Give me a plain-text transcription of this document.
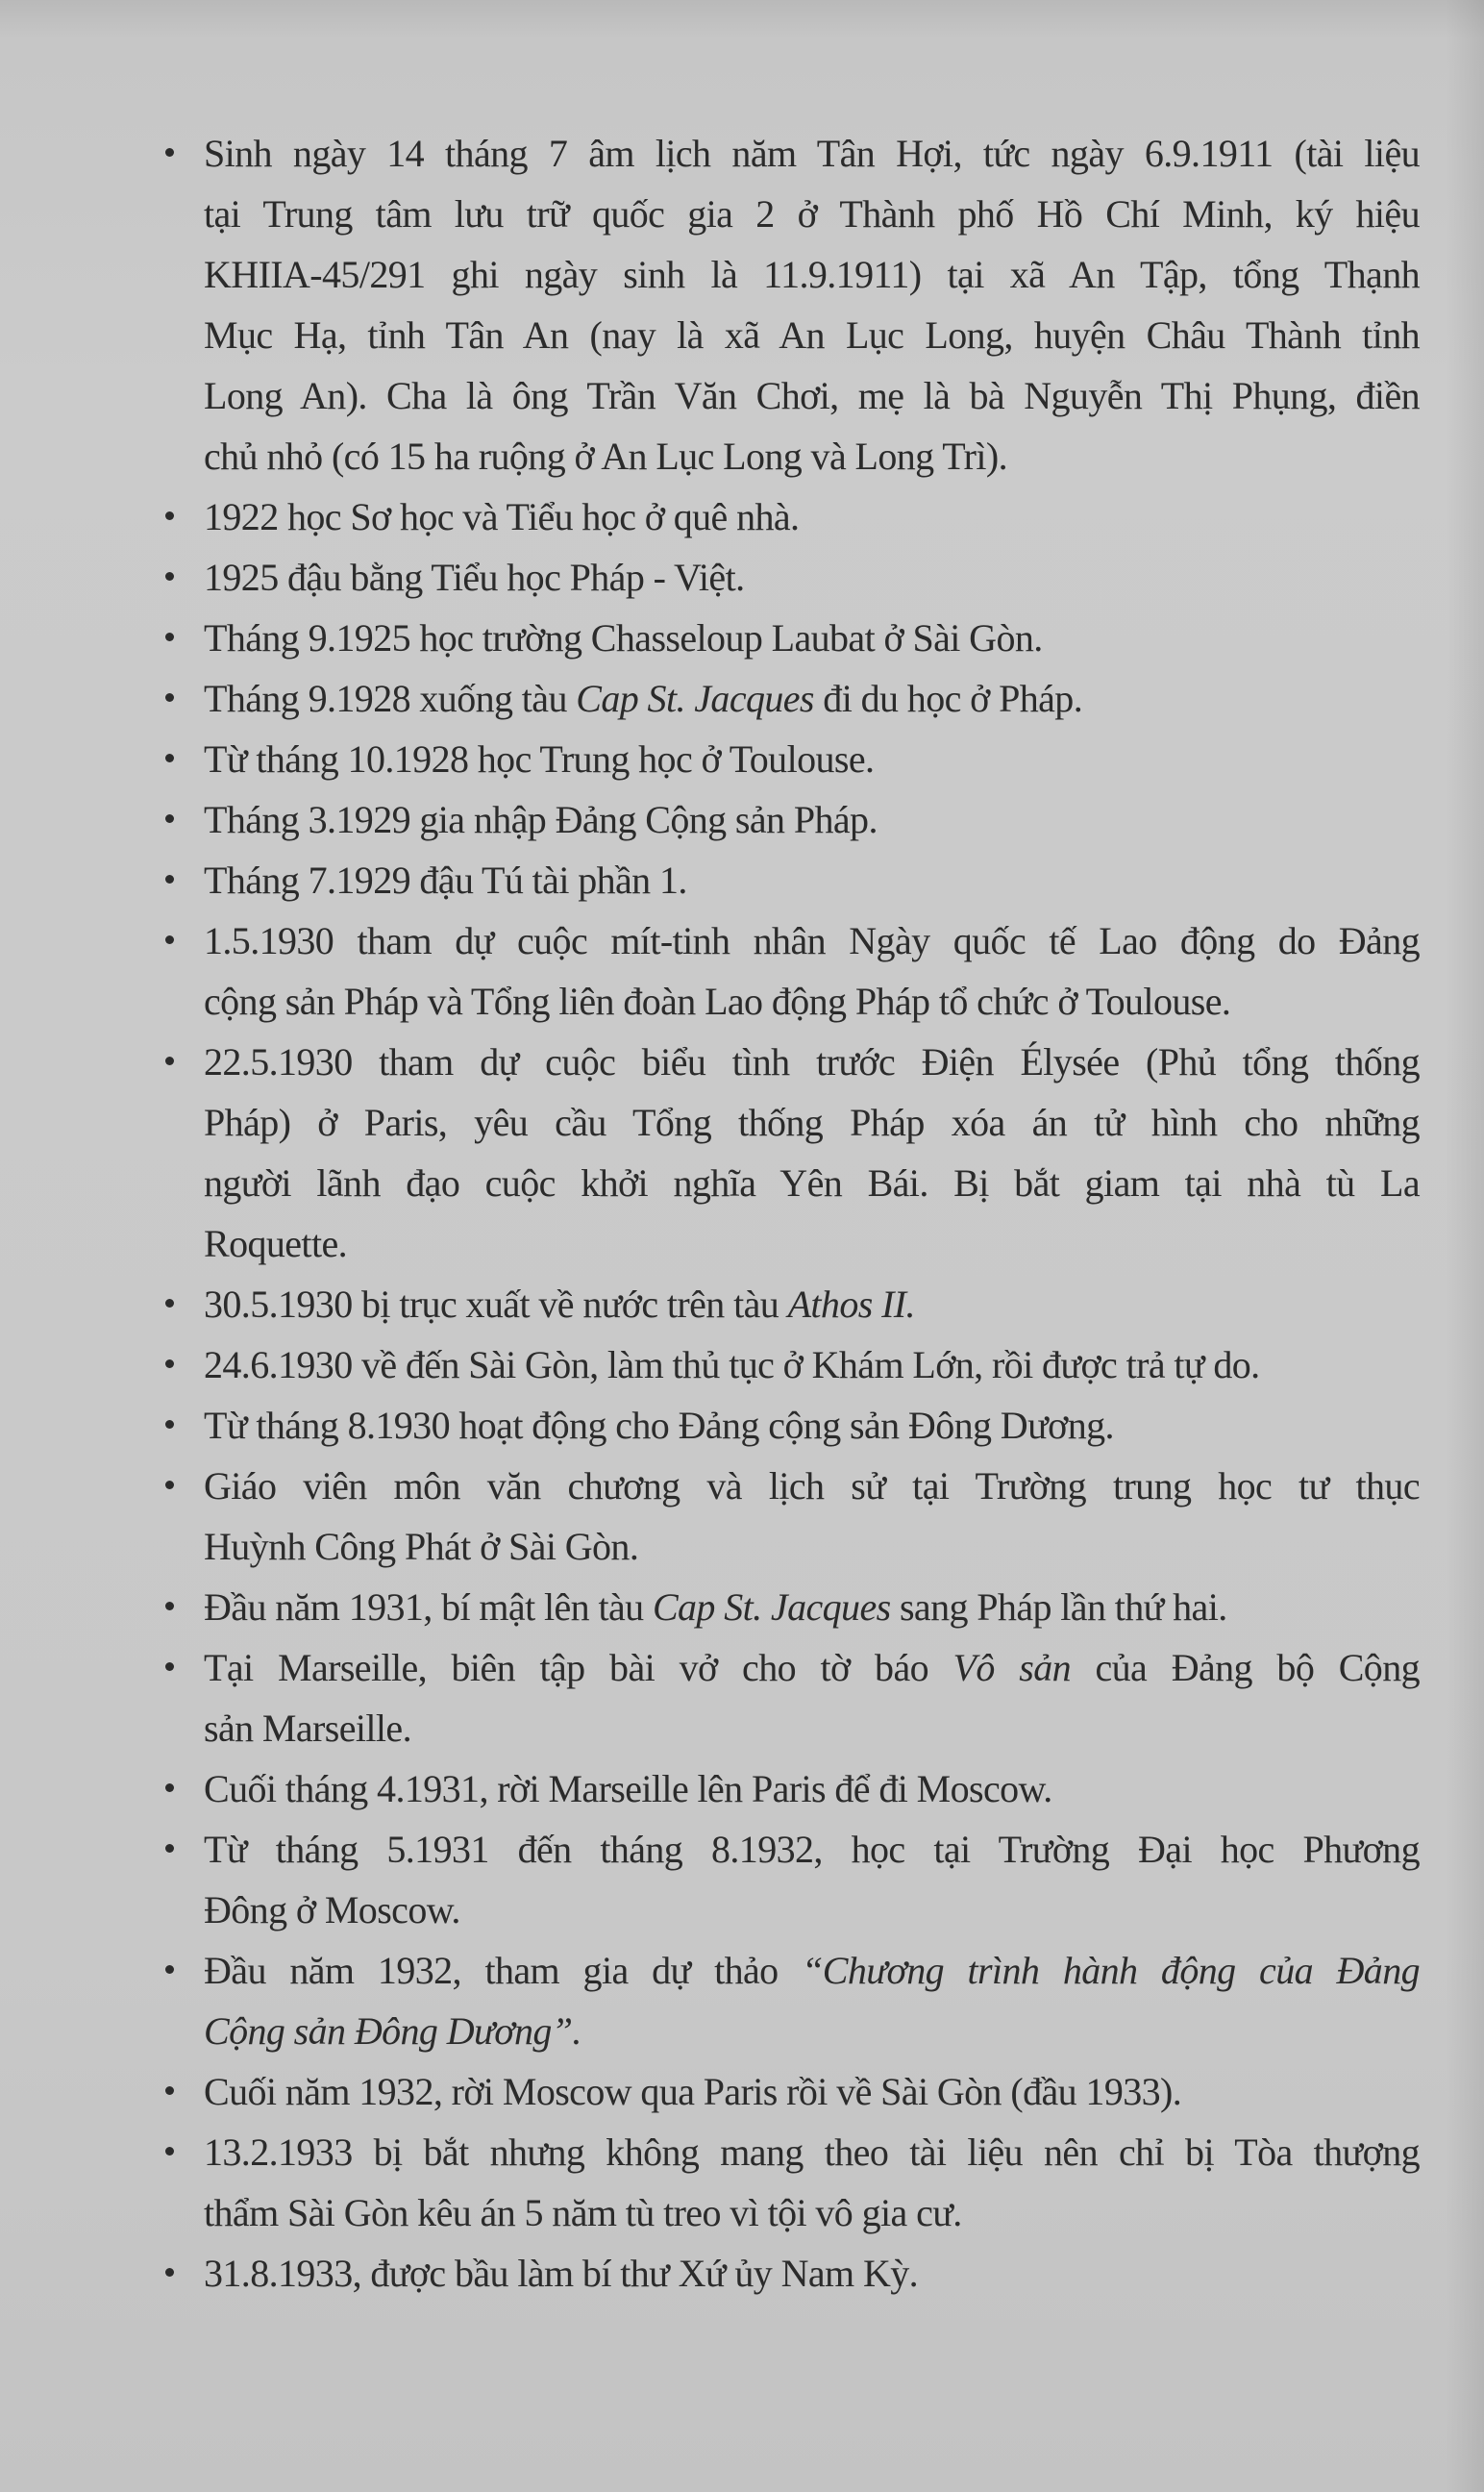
Sinh ngày 14 tháng 7 âm lịch năm Tân Hợi, tức ngày 6.9.1911 (tài liệu
tại Trung tâm lưu trữ quốc gia 2 ở Thành phố Hồ Chí Minh, ký hiệu
KHIIA-45/291 ghi ngày sinh là 11.9.1911) tại xã An Tập, tổng Thạnh
Mục Hạ, tỉnh Tân An (nay là xã An Lục Long, huyện Châu Thành tỉnh
Long An). Cha là ông Trần Văn Chơi, mẹ là bà Nguyễn Thị Phụng, điền
chủ nhỏ (có 15 ha ruộng ở An Lục Long và Long Trì).
1922 học Sơ học và Tiểu học ở quê nhà.
1925 đậu bằng Tiểu học Pháp - Việt.
Tháng 9.1925 học trường Chasseloup Laubat ở Sài Gòn.
Tháng 9.1928 xuống tàu Cap St. Jacques đi du học ở Pháp.
Từ tháng 10.1928 học Trung học ở Toulouse.
Tháng 3.1929 gia nhập Đảng Cộng sản Pháp.
Tháng 7.1929 đậu Tú tài phần 1.
1.5.1930 tham dự cuộc mít-tinh nhân Ngày quốc tế Lao động do Đảng
cộng sản Pháp và Tổng liên đoàn Lao động Pháp tổ chức ở Toulouse.
22.5.1930 tham dự cuộc biểu tình trước Điện Élysée (Phủ tổng thống
Pháp) ở Paris, yêu cầu Tổng thống Pháp xóa án tử hình cho những
người lãnh đạo cuộc khởi nghĩa Yên Bái. Bị bắt giam tại nhà tù La
Roquette.
30.5.1930 bị trục xuất về nước trên tàu Athos II.
24.6.1930 về đến Sài Gòn, làm thủ tục ở Khám Lớn, rồi được trả tự do.
Từ tháng 8.1930 hoạt động cho Đảng cộng sản Đông Dương.
Giáo viên môn văn chương và lịch sử tại Trường trung học tư thục
Huỳnh Công Phát ở Sài Gòn.
Đầu năm 1931, bí mật lên tàu Cap St. Jacques sang Pháp lần thứ hai.
Tại Marseille, biên tập bài vở cho tờ báo Vô sản của Đảng bộ Cộng
sản Marseille.
Cuối tháng 4.1931, rời Marseille lên Paris để đi Moscow.
Từ tháng 5.1931 đến tháng 8.1932, học tại Trường Đại học Phương
Đông ở Moscow.
Đầu năm 1932, tham gia dự thảo “Chương trình hành động của Đảng
Cộng sản Đông Dương”.
Cuối năm 1932, rời Moscow qua Paris rồi về Sài Gòn (đầu 1933).
13.2.1933 bị bắt nhưng không mang theo tài liệu nên chỉ bị Tòa thượng
thẩm Sài Gòn kêu án 5 năm tù treo vì tội vô gia cư.
31.8.1933, được bầu làm bí thư Xứ ủy Nam Kỳ.
